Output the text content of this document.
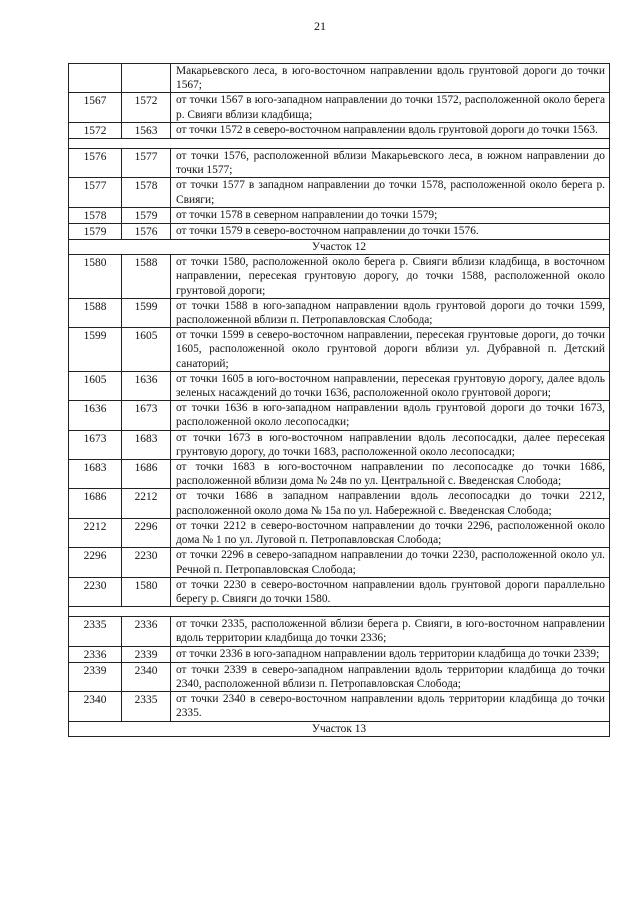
21
		Макарьевского леса, в юго-восточном направлении вдоль грунтовой дороги до точки 1567;
1567	1572	от точки 1567 в юго-западном направлении до точки 1572, расположенной около берега р. Свияги вблизи кладбища;
1572	1563	от точки 1572 в северо-восточном направлении вдоль грунтовой дороги до точки 1563.

1576	1577	от точки 1576, расположенной вблизи Макарьевского леса, в южном направлении до точки 1577;
1577	1578	от точки 1577 в западном направлении до точки 1578, расположенной около берега р. Свияги;
1578	1579	от точки 1578 в северном направлении до точки 1579;
1579	1576	от точки 1579 в северо-восточном направлении до точки 1576.
Участок 12		
1580	1588	от точки 1580, расположенной около берега р. Свияги вблизи кладбища, в восточном направлении, пересекая грунтовую дорогу, до точки 1588, расположенной около грунтовой дороги;
1588	1599	от точки 1588 в юго-западном направлении вдоль грунтовой дороги до точки 1599, расположенной вблизи п. Петропавловская Слобода;
1599	1605	от точки 1599 в северо-восточном направлении, пересекая грунтовые дороги, до точки 1605, расположенной около грунтовой дороги вблизи ул. Дубравной п. Детский санаторий;
1605	1636	от точки 1605 в юго-восточном направлении, пересекая грунтовую дорогу, далее вдоль зеленых насаждений до точки 1636, расположенной около грунтовой дороги;
1636	1673	от точки 1636 в юго-западном направлении вдоль грунтовой дороги до точки 1673, расположенной около лесопосадки;
1673	1683	от точки 1673 в юго-восточном направлении вдоль лесопосадки, далее пересекая грунтовую дорогу, до точки 1683, расположенной около лесопосадки;
1683	1686	от точки 1683 в юго-восточном направлении по лесопосадке до точки 1686, расположенной вблизи дома № 24в по ул. Центральной с. Введенская Слобода;
1686	2212	от точки 1686 в западном направлении вдоль лесопосадки до точки 2212, расположенной около дома № 15а по ул. Набережной с. Введенская Слобода;
2212	2296	от точки 2212 в северо-восточном направлении до точки 2296, расположенной около дома № 1 по ул. Луговой п. Петропавловская Слобода;
2296	2230	от точки 2296 в северо-западном направлении до точки 2230, расположенной около ул. Речной п. Петропавловская Слобода;
2230	1580	от точки 2230 в северо-восточном направлении вдоль грунтовой дороги параллельно берегу р. Свияги до точки 1580.

2335	2336	от точки 2335, расположенной вблизи берега р. Свияги, в юго-восточном направлении вдоль территории кладбища до точки 2336;
2336	2339	от точки 2336 в юго-западном направлении вдоль территории кладбища до точки 2339;
2339	2340	от точки 2339 в северо-западном направлении вдоль территории кладбища до точки 2340, расположенной вблизи п. Петропавловская Слобода;
2340	2335	от точки 2340 в северо-восточном направлении вдоль территории кладбища до точки 2335.
Участок 13		
